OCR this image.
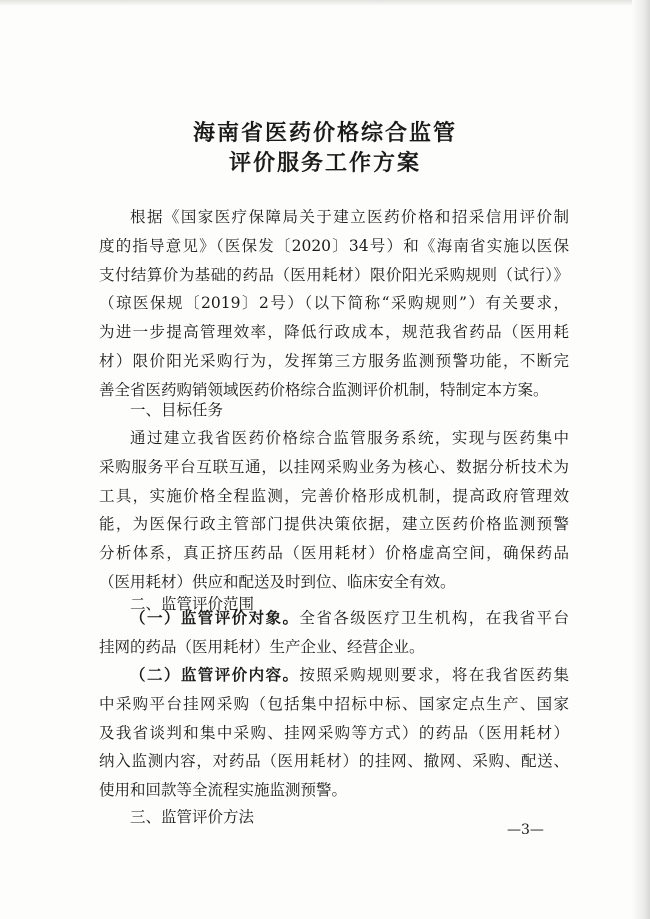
海南省医药价格综合监管
评价服务工作方案
根据《国家医疗保障局关于建立医药价格和招采信用评价制
度的指导意见》（医保发〔2020〕34号）和《海南省实施以医保
支付结算价为基础的药品（医用耗材）限价阳光采购规则（试行）》
（琼医保规〔2019〕2号）（以下简称“采购规则”）有关要求，
为进一步提高管理效率，降低行政成本，规范我省药品（医用耗
材）限价阳光采购行为，发挥第三方服务监测预警功能，不断完
善全省医药购销领域医药价格综合监测评价机制，特制定本方案。
一、目标任务
通过建立我省医药价格综合监管服务系统，实现与医药集中
采购服务平台互联互通，以挂网采购业务为核心、数据分析技术为
工具，实施价格全程监测，完善价格形成机制，提高政府管理效
能，为医保行政主管部门提供决策依据，建立医药价格监测预警
分析体系，真正挤压药品（医用耗材）价格虚高空间，确保药品
（医用耗材）供应和配送及时到位、临床安全有效。
二、监管评价范围
（一）监管评价对象。全省各级医疗卫生机构，在我省平台
挂网的药品（医用耗材）生产企业、经营企业。
（二）监管评价内容。按照采购规则要求，将在我省医药集
中采购平台挂网采购（包括集中招标中标、国家定点生产、国家
及我省谈判和集中采购、挂网采购等方式）的药品（医用耗材）
纳入监测内容，对药品（医用耗材）的挂网、撤网、采购、配送、
使用和回款等全流程实施监测预警。
三、监管评价方法
—3—
